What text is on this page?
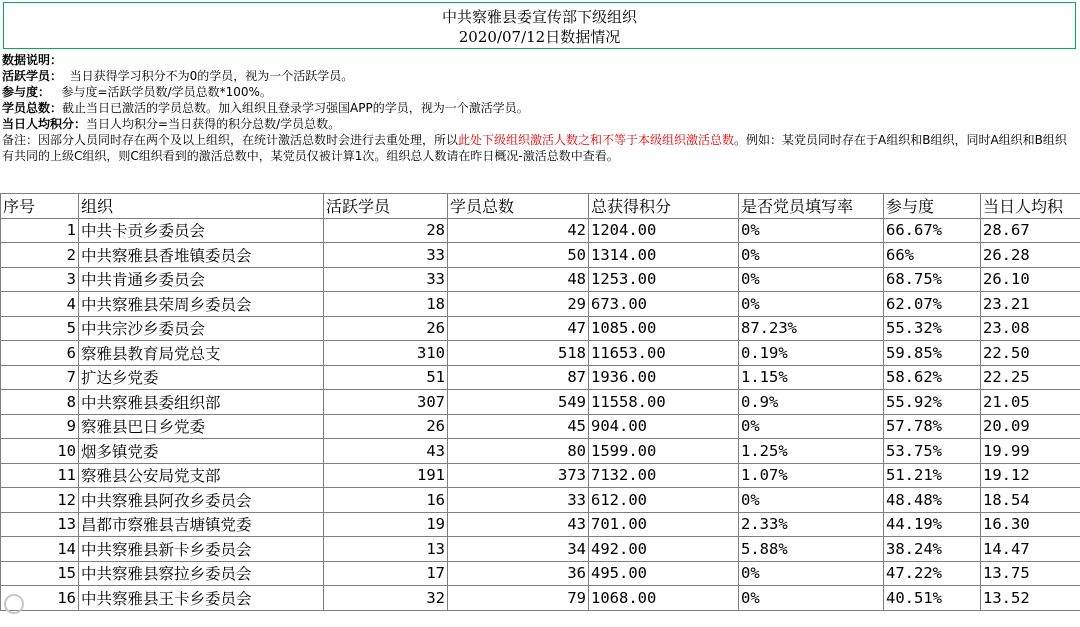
中共察雅县委宣传部下级组织
2020/07/12日数据情况
数据说明：
活跃学员： 当日获得学习积分不为0的学员，视为一个活跃学员。
参与度： 参与度=活跃学员数/学员总数*100%。
学员总数：截止当日已激活的学员总数。加入组织且登录学习强国APP的学员，视为一个激活学员。
当日人均积分：当日人均积分=当日获得的积分总数/学员总数。
备注：因部分人员同时存在两个及以上组织，在统计激活总数时会进行去重处理，所以此处下级组织激活人数之和不等于本级组织激活总数。例如：某党员同时存在于A组织和B组织，同时A组织和B组织有共同的上级C组织，则C组织看到的激活总数中，某党员仅被计算1次。组织总人数请在昨日概况-激活总数中查看。
序号	组织	活跃学员	学员总数	总获得积分	是否党员填写率	参与度	当日人均积
1	中共卡贡乡委员会	28	42	1204.00	0%	66.67%	28.67
2	中共察雅县香堆镇委员会	33	50	1314.00	0%	66%	26.28
3	中共肯通乡委员会	33	48	1253.00	0%	68.75%	26.10
4	中共察雅县荣周乡委员会	18	29	673.00	0%	62.07%	23.21
5	中共宗沙乡委员会	26	47	1085.00	87.23%	55.32%	23.08
6	察雅县教育局党总支	310	518	11653.00	0.19%	59.85%	22.50
7	扩达乡党委	51	87	1936.00	1.15%	58.62%	22.25
8	中共察雅县委组织部	307	549	11558.00	0.9%	55.92%	21.05
9	察雅县巴日乡党委	26	45	904.00	0%	57.78%	20.09
10	烟多镇党委	43	80	1599.00	1.25%	53.75%	19.99
11	察雅县公安局党支部	191	373	7132.00	1.07%	51.21%	19.12
12	中共察雅县阿孜乡委员会	16	33	612.00	0%	48.48%	18.54
13	昌都市察雅县吉塘镇党委	19	43	701.00	2.33%	44.19%	16.30
14	中共察雅县新卡乡委员会	13	34	492.00	5.88%	38.24%	14.47
15	中共察雅县察拉乡委员会	17	36	495.00	0%	47.22%	13.75
16	中共察雅县王卡乡委员会	32	79	1068.00	0%	40.51%	13.52
